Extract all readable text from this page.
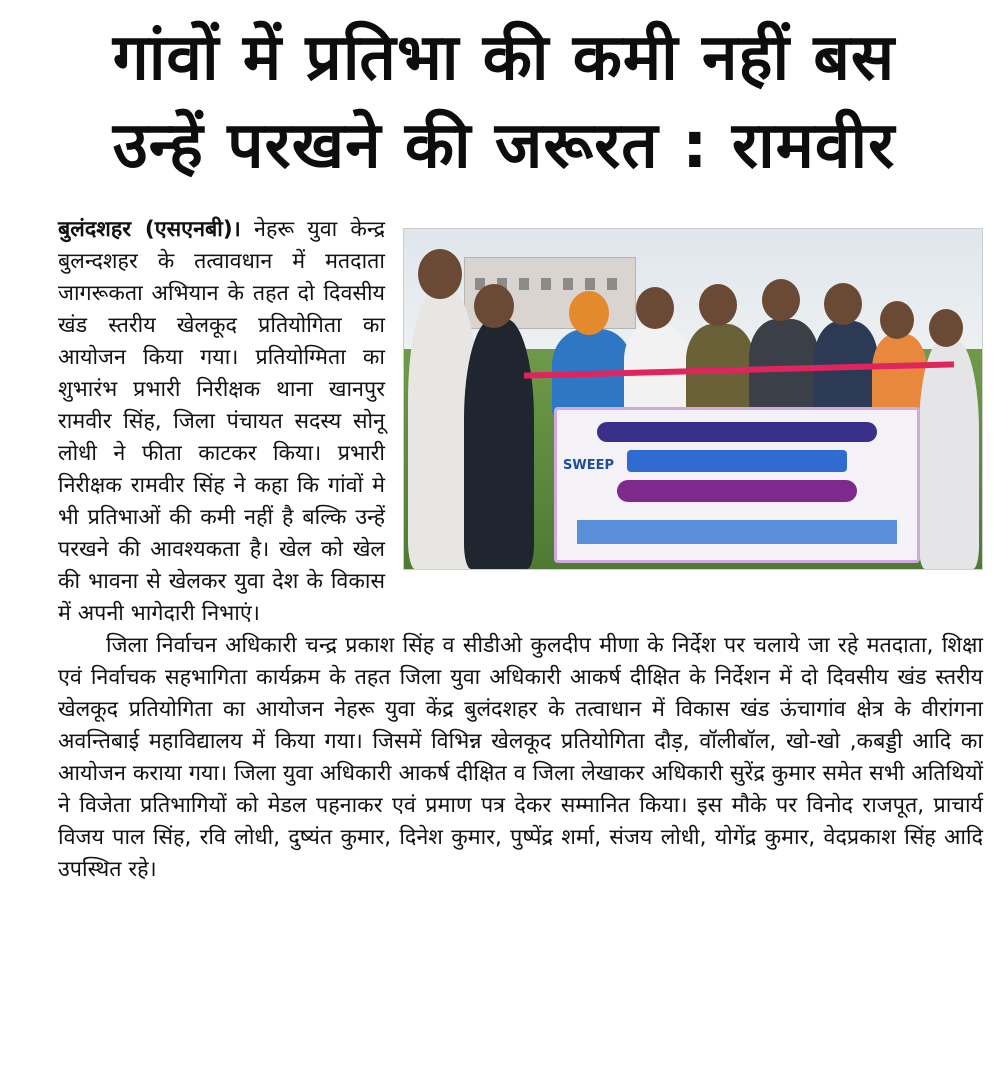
गांवों में प्रतिभा की कमी नहीं बस
उन्हें परखने की जरूरत : रामवीर
SWEEP
बुलंदशहर (एसएनबी)। नेहरू युवा केन्द्र बुलन्दशहर के तत्वावधान में मतदाता जागरूकता अभियान के तहत दो दिवसीय खंड स्तरीय खेलकूद प्रतियोगिता का आयोजन किया गया। प्रतियोग्मिता का शुभारंभ प्रभारी निरीक्षक थाना खानपुर रामवीर सिंह, जिला पंचायत सदस्य सोनू लोधी ने फीता काटकर किया। प्रभारी निरीक्षक रामवीर सिंह ने कहा कि गांवों मे भी प्रतिभाओं की कमी नहीं है बल्कि उन्हें परखने की आवश्यकता है। खेल को खेल की भावना से खेलकर युवा देश के विकास में अपनी भागेदारी निभाएं।
जिला निर्वाचन अधिकारी चन्द्र प्रकाश सिंह व सीडीओ कुलदीप मीणा के निर्देश पर चलाये जा रहे मतदाता, शिक्षा एवं निर्वाचक सहभागिता कार्यक्रम के तहत जिला युवा अधिकारी आकर्ष दीक्षित के निर्देशन में दो दिवसीय खंड स्तरीय खेलकूद प्रतियोगिता का आयोजन नेहरू युवा केंद्र बुलंदशहर के तत्वाधान में विकास खंड ऊंचागांव क्षेत्र के वीरांगना अवन्तिबाई महाविद्यालय में किया गया। जिसमें विभिन्न खेलकूद प्रतियोगिता दौड़, वॉलीबॉल, खो-खो ,कबड्डी आदि का आयोजन कराया गया। जिला युवा अधिकारी आकर्ष दीक्षित व जिला लेखाकर अधिकारी सुरेंद्र कुमार समेत सभी अतिथियों ने विजेता प्रतिभागियों को मेडल पहनाकर एवं प्रमाण पत्र देकर सम्मानित किया। इस मौके पर विनोद राजपूत, प्राचार्य विजय पाल सिंह, रवि लोधी, दुष्यंत कुमार, दिनेश कुमार, पुष्पेंद्र शर्मा, संजय लोधी, योगेंद्र कुमार, वेदप्रकाश सिंह आदि उपस्थित रहे।
